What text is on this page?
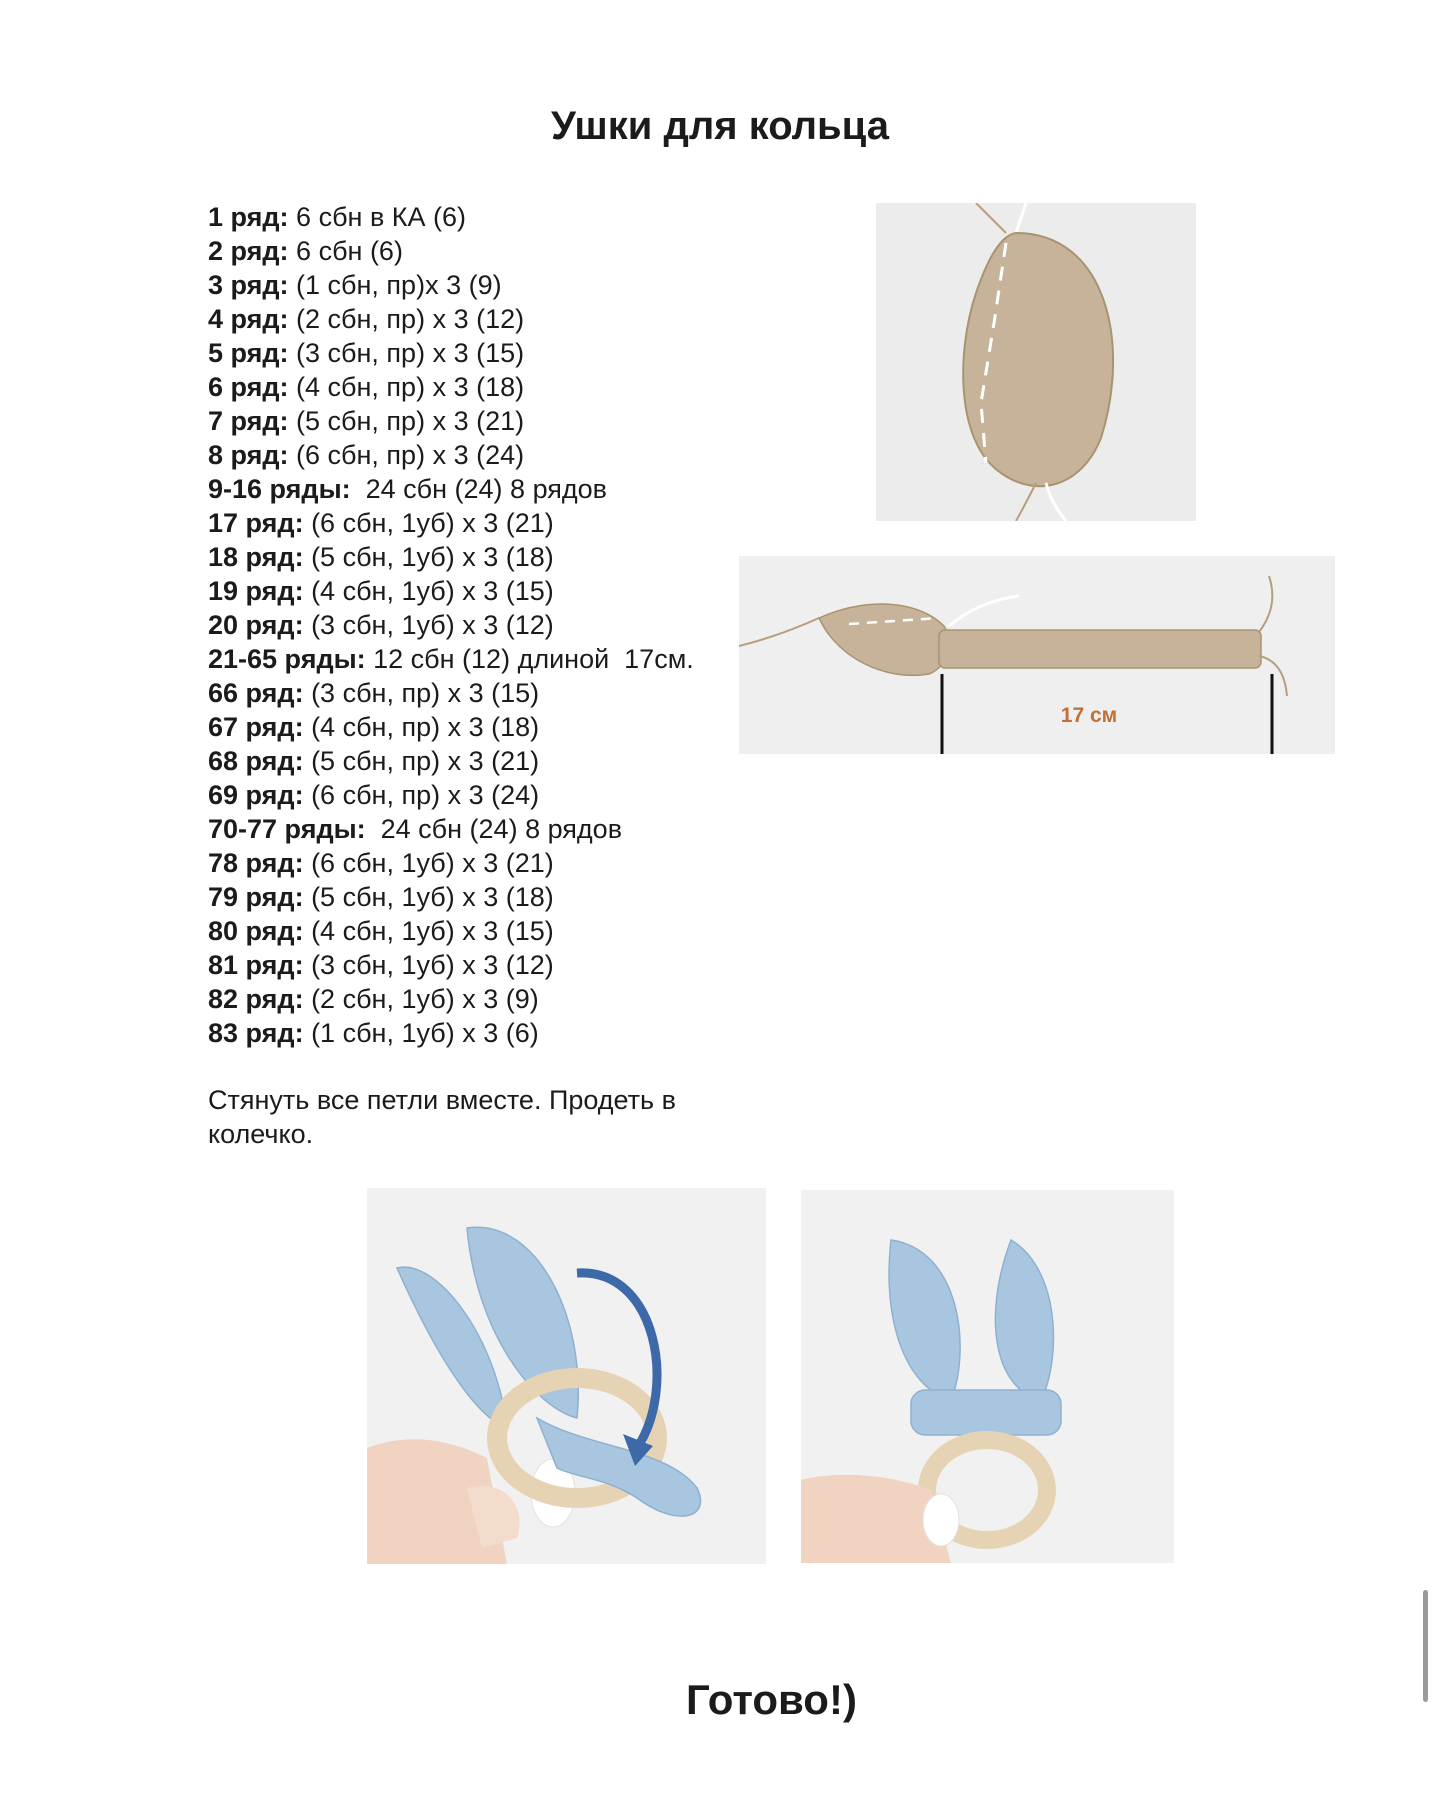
Ушки для кольца
1 ряд: 6 сбн в КА (6)
2 ряд: 6 сбн (6)
3 ряд: (1 сбн, пр)х 3 (9)
4 ряд: (2 сбн, пр) х 3 (12)
5 ряд: (3 сбн, пр) х 3 (15)
6 ряд: (4 сбн, пр) х 3 (18)
7 ряд: (5 сбн, пр) х 3 (21)
8 ряд: (6 сбн, пр) х 3 (24)
9-16 ряды:  24 сбн (24) 8 рядов
17 ряд: (6 сбн, 1уб) х 3 (21)
18 ряд: (5 сбн, 1уб) х 3 (18)
19 ряд: (4 сбн, 1уб) х 3 (15)
20 ряд: (3 сбн, 1уб) х 3 (12)
21-65 ряды: 12 сбн (12) длиной  17см.
66 ряд: (3 сбн, пр) х 3 (15)
67 ряд: (4 сбн, пр) х 3 (18)
68 ряд: (5 сбн, пр) х 3 (21)
69 ряд: (6 сбн, пр) х 3 (24)
70-77 ряды:  24 сбн (24) 8 рядов
78 ряд: (6 сбн, 1уб) х 3 (21)
79 ряд: (5 сбн, 1уб) х 3 (18)
80 ряд: (4 сбн, 1уб) х 3 (15)
81 ряд: (3 сбн, 1уб) х 3 (12)
82 ряд: (2 сбн, 1уб) х 3 (9)
83 ряд: (1 сбн, 1уб) х 3 (6)
17 см
Стянуть все петли вместе. Продеть в колечко.
Готово!)
